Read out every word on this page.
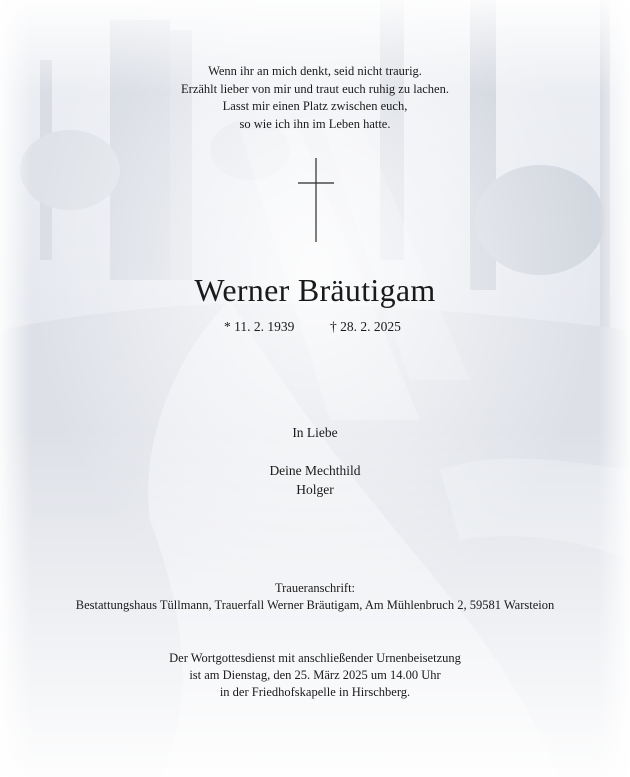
Wenn ihr an mich denkt, seid nicht traurig.
Erzählt lieber von mir und traut euch ruhig zu lachen.
Lasst mir einen Platz zwischen euch,
so wie ich ihn im Leben hatte.
Werner Bräutigam
* 11. 2. 1939	† 28. 2. 2025
In Liebe
Deine Mechthild
Holger
Traueranschrift:
Bestattungshaus Tüllmann, Trauerfall Werner Bräutigam, Am Mühlenbruch 2, 59581 Warsteion
Der Wortgottesdienst mit anschließender Urnenbeisetzung
ist am Dienstag, den 25. März 2025 um 14.00 Uhr
in der Friedhofskapelle in Hirschberg.
